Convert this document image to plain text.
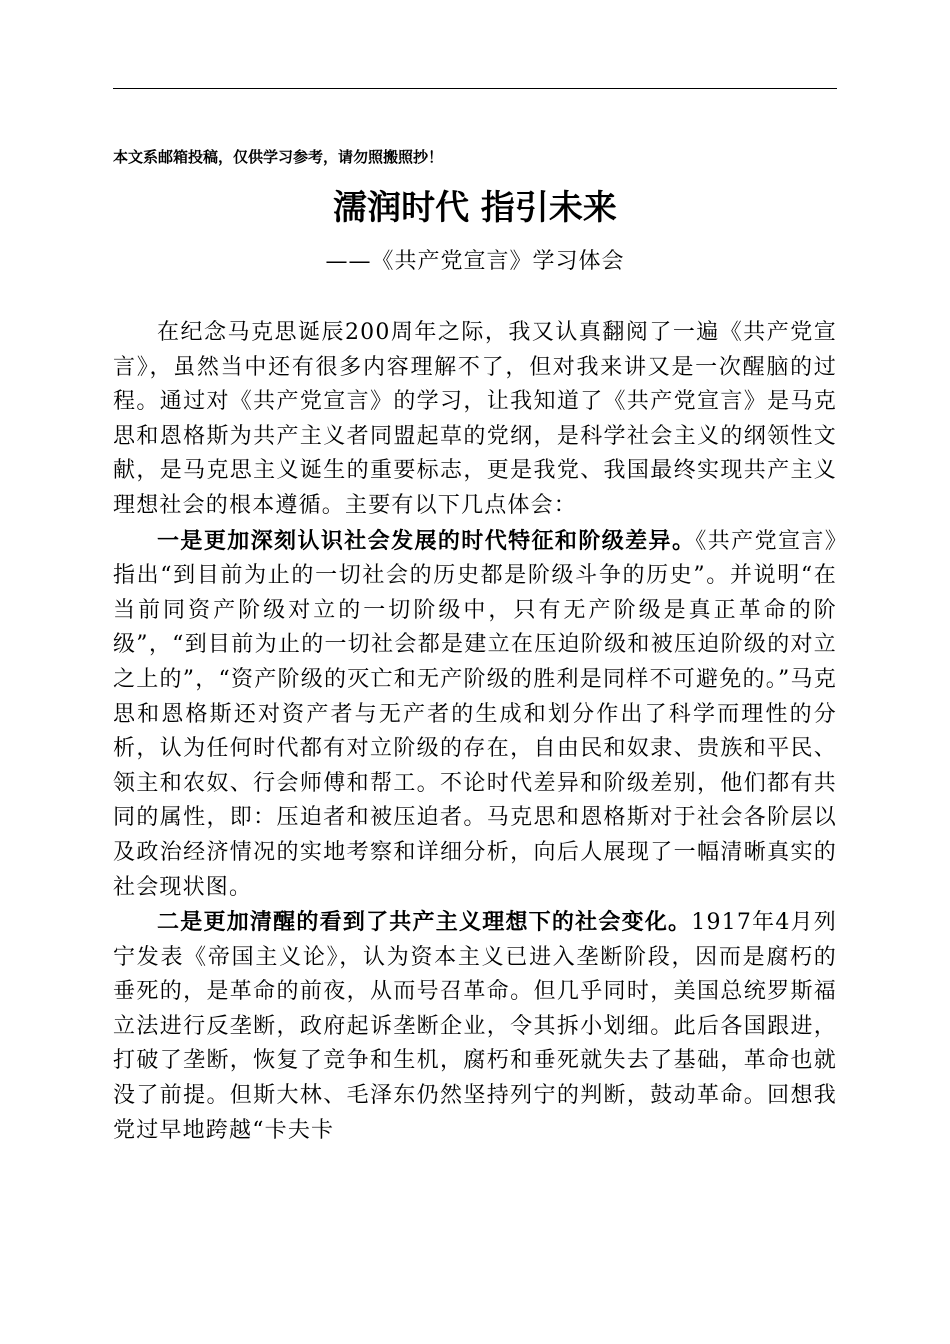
本文系邮箱投稿，仅供学习参考，请勿照搬照抄！
濡润时代 指引未来
——《共产党宣言》学习体会

在纪念马克思诞辰200周年之际，我又认真翻阅了一遍《共产党宣言》，虽然当中还有很多内容理解不了，但对我来讲又是一次醒脑的过程。通过对《共产党宣言》的学习，让我知道了《共产党宣言》是马克思和恩格斯为共产主义者同盟起草的党纲，是科学社会主义的纲领性文献，是马克思主义诞生的重要标志，更是我党、我国最终实现共产主义理想社会的根本遵循。主要有以下几点体会：

一是更加深刻认识社会发展的时代特征和阶级差异。《共产党宣言》指出“到目前为止的一切社会的历史都是阶级斗争的历史”。并说明“在当前同资产阶级对立的一切阶级中，只有无产阶级是真正革命的阶级”，“到目前为止的一切社会都是建立在压迫阶级和被压迫阶级的对立之上的”，“资产阶级的灭亡和无产阶级的胜利是同样不可避免的。”马克思和恩格斯还对资产者与无产者的生成和划分作出了科学而理性的分析，认为任何时代都有对立阶级的存在，自由民和奴隶、贵族和平民、领主和农奴、行会师傅和帮工。不论时代差异和阶级差别，他们都有共同的属性，即：压迫者和被压迫者。马克思和恩格斯对于社会各阶层以及政治经济情况的实地考察和详细分析，向后人展现了一幅清晰真实的社会现状图。

二是更加清醒的看到了共产主义理想下的社会变化。1917年4月列宁发表《帝国主义论》，认为资本主义已进入垄断阶段，因而是腐朽的垂死的，是革命的前夜，从而号召革命。但几乎同时，美国总统罗斯福立法进行反垄断，政府起诉垄断企业，令其拆小划细。此后各国跟进，打破了垄断，恢复了竞争和生机，腐朽和垂死就失去了基础，革命也就没了前提。但斯大林、毛泽东仍然坚持列宁的判断，鼓动革命。回想我党过早地跨越“卡夫卡
